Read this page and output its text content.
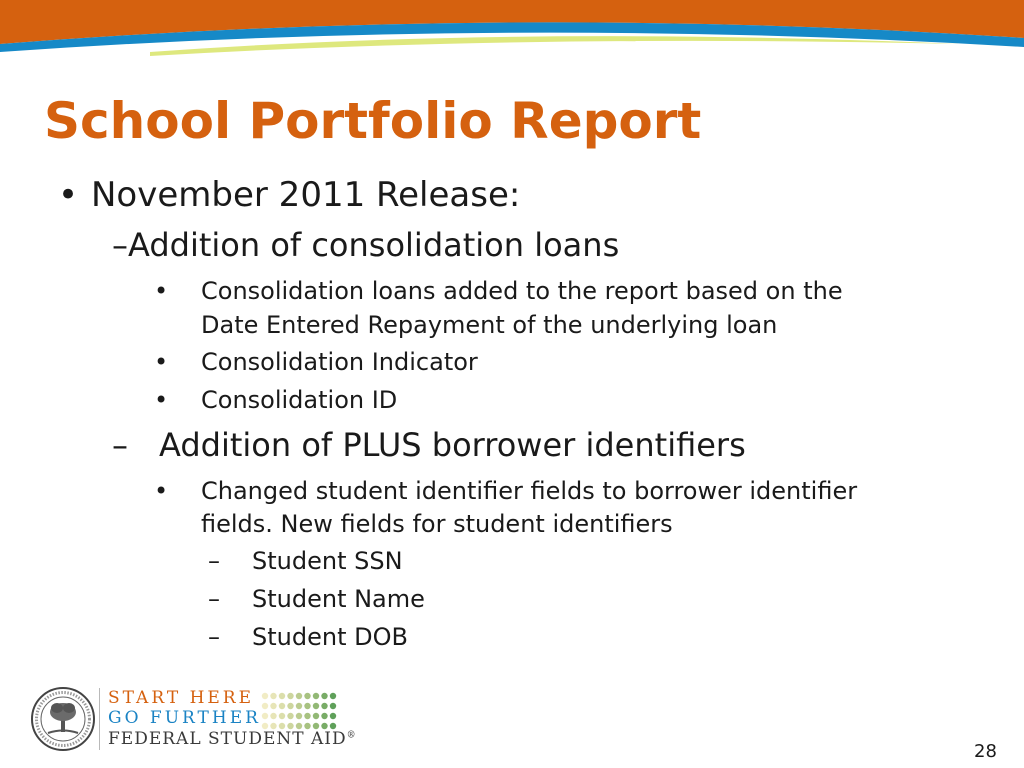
School Portfolio Report
• November 2011 Release:
–Addition of consolidation loans
•	Consolidation loans added to the report based on the
Date Entered Repayment of the underlying loan
•	Consolidation Indicator
•	Consolidation ID
– Addition of PLUS borrower identifiers
•	Changed student identifier fields to borrower identifier
fields. New fields for student identifiers
–	Student SSN
–	Student Name
–	Student DOB
START HERE
GO FURTHER
FEDERAL STUDENT AID®
28
